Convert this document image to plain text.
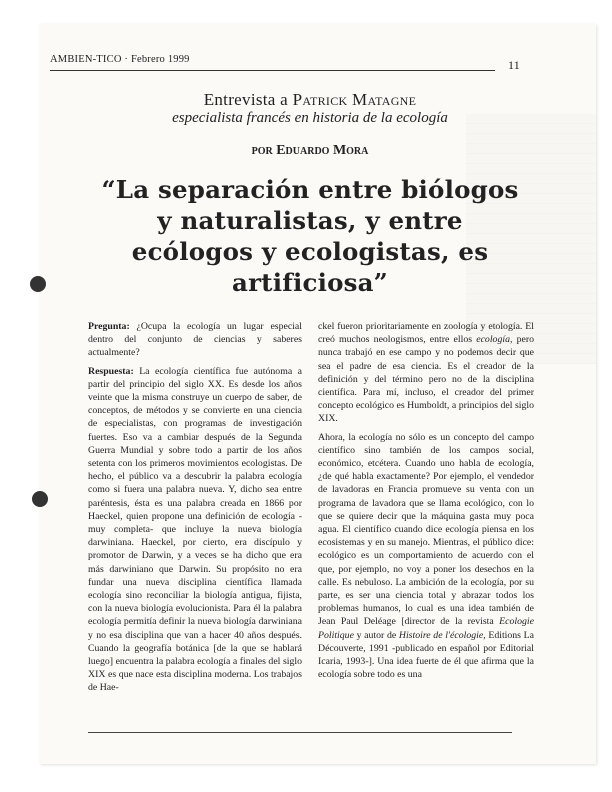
AMBIEN-TICO · Febrero 1999	11
Entrevista a Patrick Matagne
especialista francés en historia de la ecología
por Eduardo Mora
“La separación entre biólogos
y naturalistas, y entre
ecólogos y ecologistas, es
artificiosa”

Pregunta: ¿Ocupa la ecología un lugar especial dentro del conjunto de ciencias y saberes actualmente?

Respuesta: La ecología científica fue autónoma a partir del principio del siglo XX. Es desde los años veinte que la misma construye un cuerpo de saber, de conceptos, de métodos y se convierte en una ciencia de especialistas, con programas de investigación fuertes. Eso va a cambiar después de la Segunda Guerra Mundial y sobre todo a partir de los años setenta con los primeros movimientos ecologistas. De hecho, el público va a descubrir la palabra ecología como si fuera una palabra nueva. Y, dicho sea entre paréntesis, ésta es una palabra creada en 1866 por Haeckel, quien propone una definición de ecología -muy completa- que incluye la nueva biología darwiniana. Haeckel, por cierto, era discípulo y promotor de Darwin, y a veces se ha dicho que era más darwiniano que Darwin. Su propósito no era fundar una nueva disciplina científica llamada ecología sino reconciliar la biología antigua, fijista, con la nueva biología evolucionista. Para él la palabra ecología permitía definir la nueva biología darwiniana y no esa disciplina que van a hacer 40 años después. Cuando la geografía botánica [de la que se hablará luego] encuentra la palabra ecología a finales del siglo XIX es que nace esta disciplina moderna. Los trabajos de Hae-

ckel fueron prioritariamente en zoología y etología. El creó muchos neologismos, entre ellos ecología, pero nunca trabajó en ese campo y no podemos decir que sea el padre de esa ciencia. Es el creador de la definición y del término pero no de la disciplina científica. Para mí, incluso, el creador del primer concepto ecológico es Humboldt, a principios del siglo XIX.

Ahora, la ecología no sólo es un concepto del campo científico sino también de los campos social, económico, etcétera. Cuando uno habla de ecología, ¿de qué habla exactamente? Por ejemplo, el vendedor de lavadoras en Francia promueve su venta con un programa de lavadora que se llama ecológico, con lo que se quiere decir que la máquina gasta muy poca agua. El científico cuando dice ecología piensa en los ecosistemas y en su manejo. Mientras, el público dice: ecológico es un comportamiento de acuerdo con el que, por ejemplo, no voy a poner los desechos en la calle. Es nebuloso. La ambición de la ecología, por su parte, es ser una ciencia total y abrazar todos los problemas humanos, lo cual es una idea también de Jean Paul Deléage [director de la revista Ecologie Politique y autor de Histoire de l'écologie, Editions La Découverte, 1991 -publicado en español por Editorial Icaria, 1993-]. Una idea fuerte de él que afirma que la ecología sobre todo es una
